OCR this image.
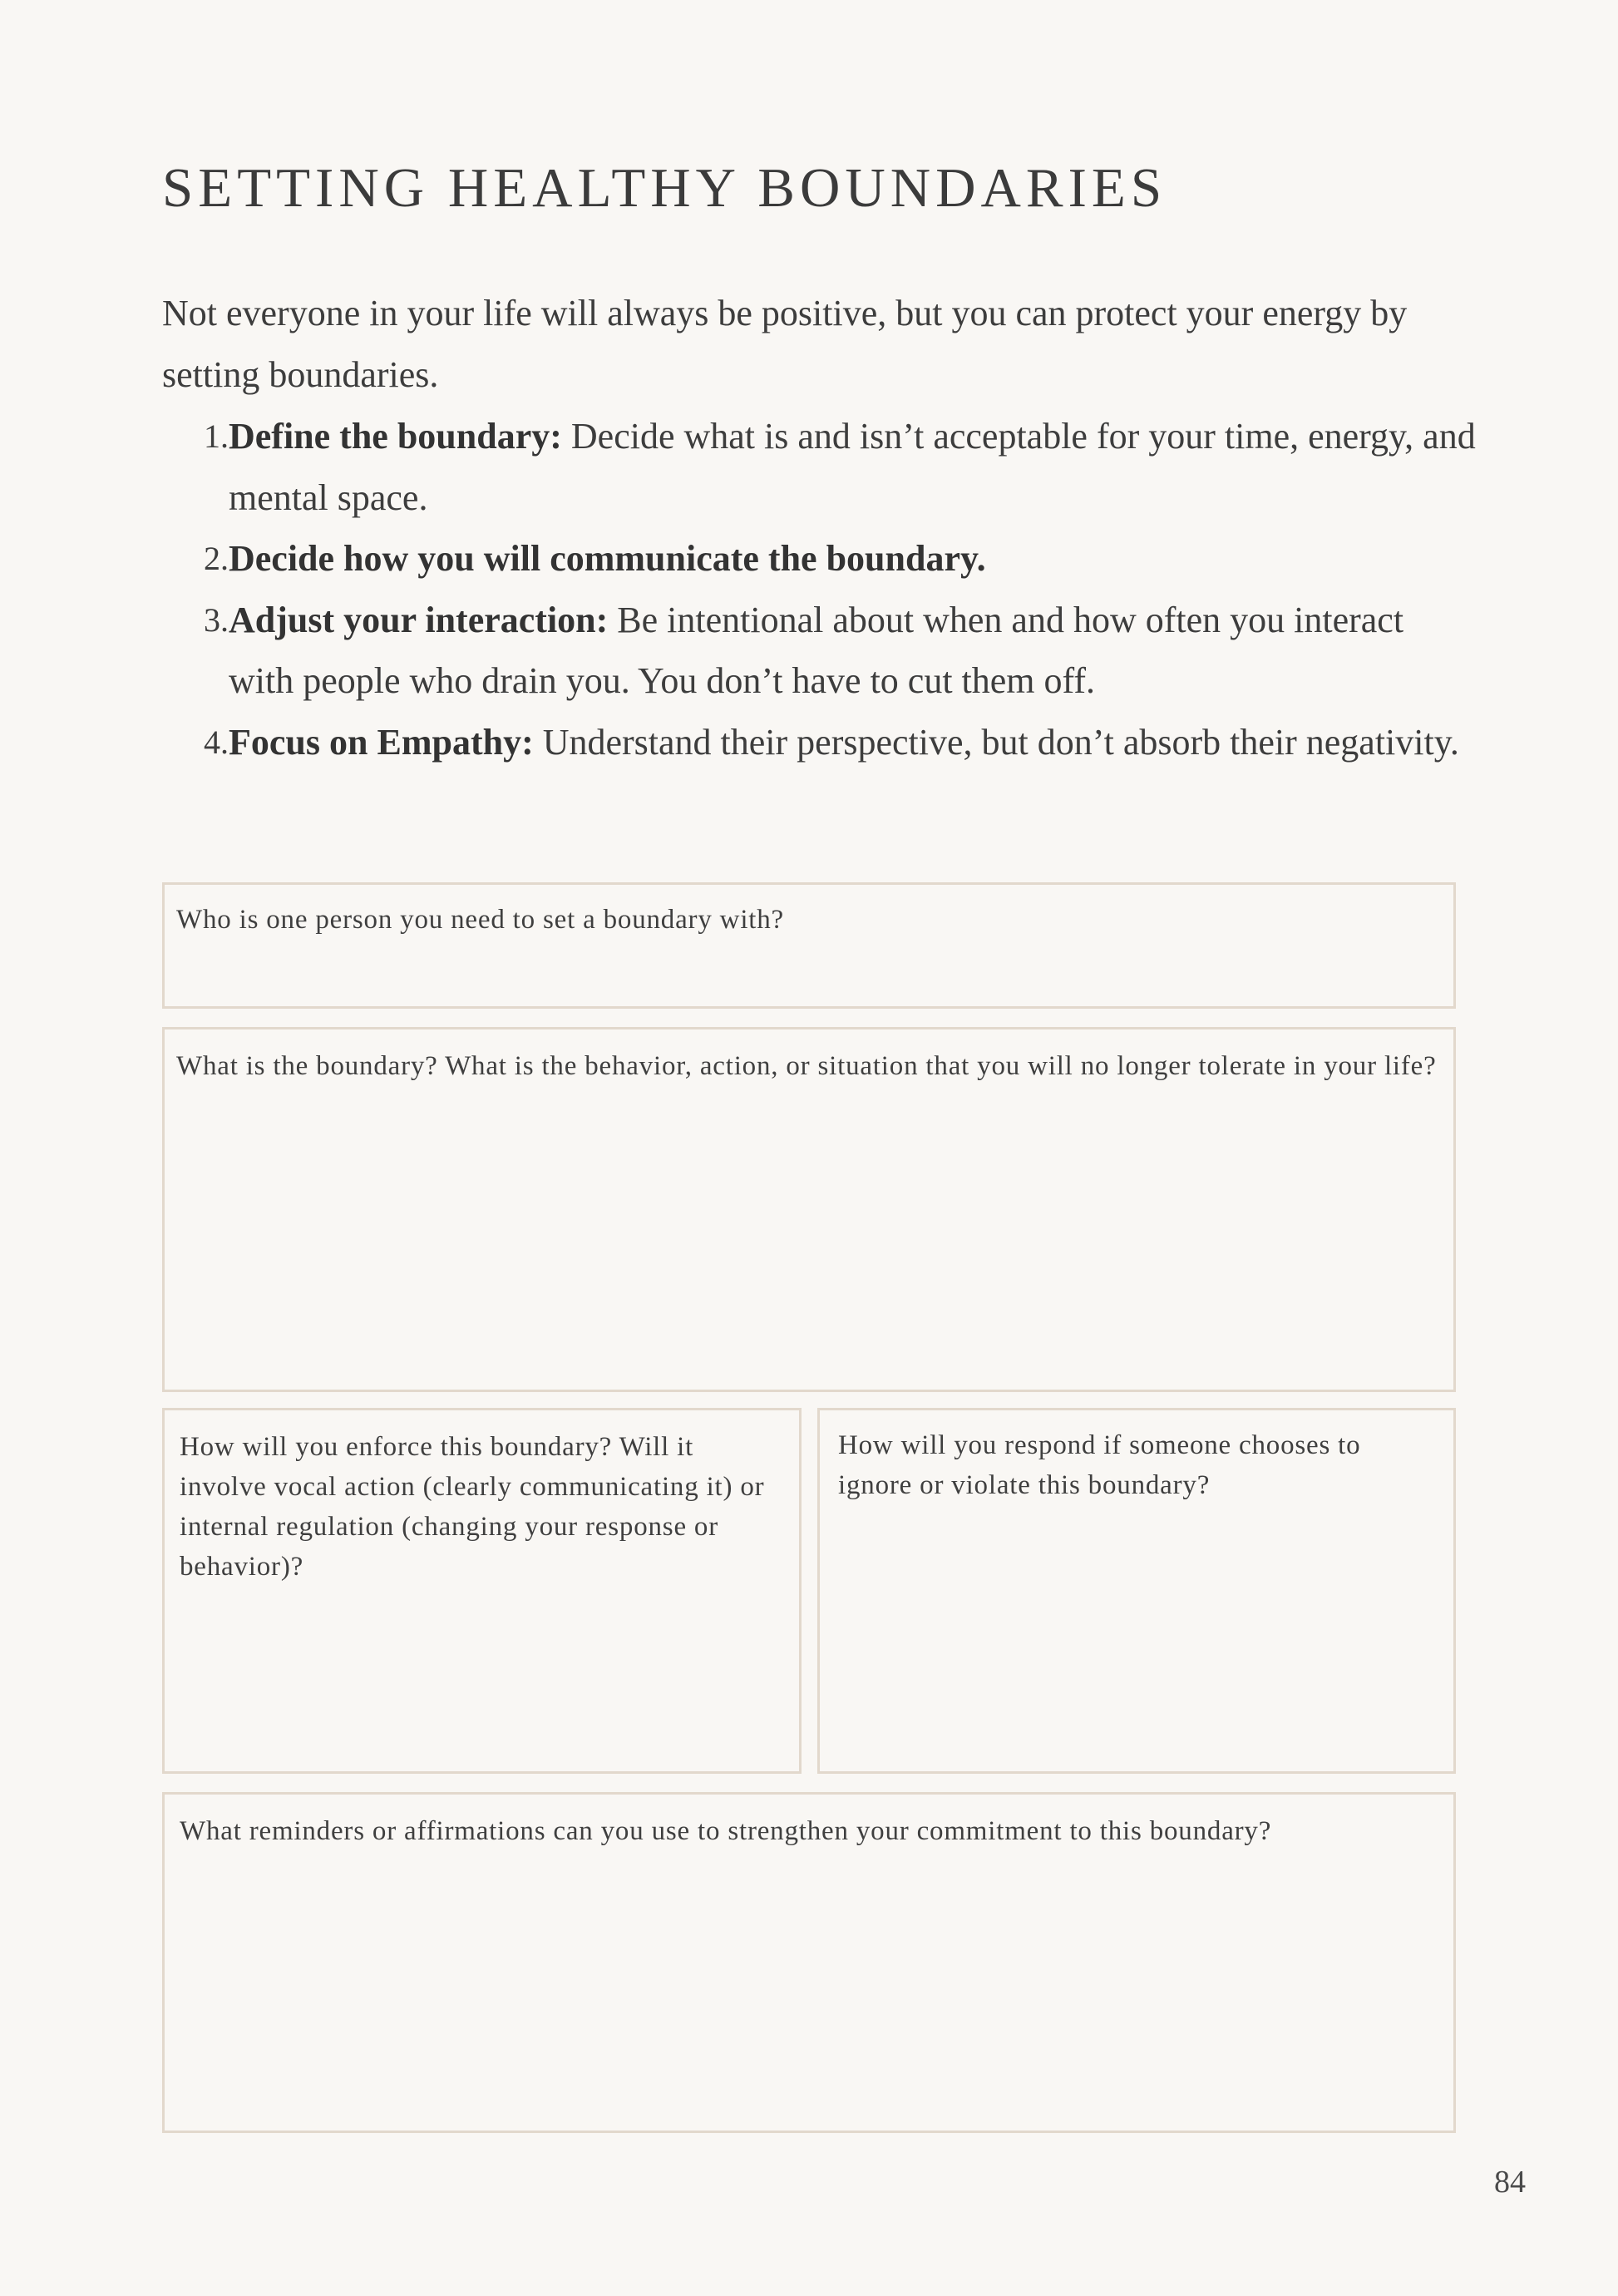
SETTING HEALTHY BOUNDARIES

Not everyone in your life will always be positive, but you can protect your energy by setting boundaries.

1. Define the boundary: Decide what is and isn’t acceptable for your time, energy, and mental space.
2. Decide how you will communicate the boundary.
3. Adjust your interaction: Be intentional about when and how often you interact with people who drain you. You don’t have to cut them off.
4. Focus on Empathy: Understand their perspective, but don’t absorb their negativity.

Who is one person you need to set a boundary with?

What is the boundary? What is the behavior, action, or situation that you will no longer tolerate in your life?

How will you enforce this boundary? Will it involve vocal action (clearly communicating it) or internal regulation (changing your response or behavior)?

How will you respond if someone chooses to ignore or violate this boundary?

What reminders or affirmations can you use to strengthen your commitment to this boundary?

84
